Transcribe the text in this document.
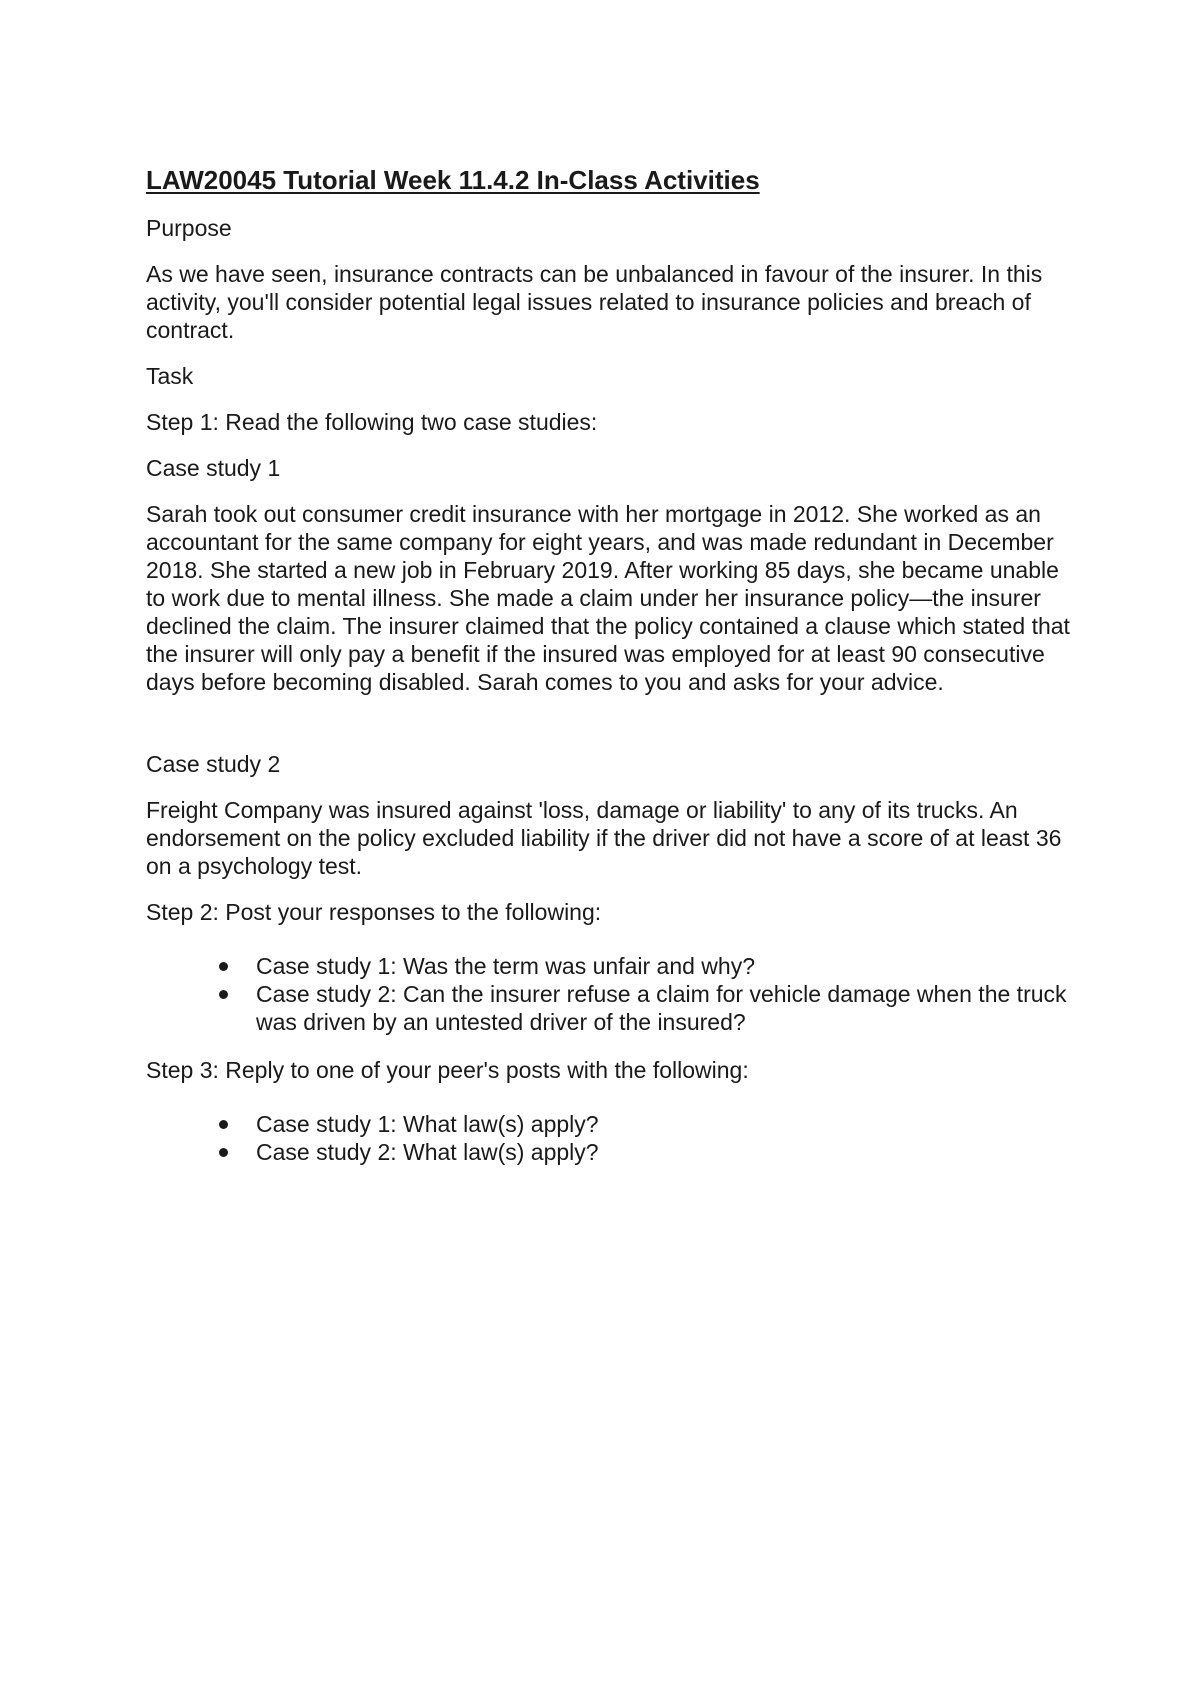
LAW20045 Tutorial Week 11.4.2 In-Class Activities

Purpose

As we have seen, insurance contracts can be unbalanced in favour of the insurer. In this activity, you'll consider potential legal issues related to insurance policies and breach of contract.

Task

Step 1: Read the following two case studies:

Case study 1

Sarah took out consumer credit insurance with her mortgage in 2012. She worked as an accountant for the same company for eight years, and was made redundant in December 2018. She started a new job in February 2019. After working 85 days, she became unable to work due to mental illness. She made a claim under her insurance policy—the insurer declined the claim. The insurer claimed that the policy contained a clause which stated that the insurer will only pay a benefit if the insured was employed for at least 90 consecutive days before becoming disabled. Sarah comes to you and asks for your advice.

Case study 2

Freight Company was insured against 'loss, damage or liability' to any of its trucks. An endorsement on the policy excluded liability if the driver did not have a score of at least 36 on a psychology test.

Step 2: Post your responses to the following:

Case study 1: Was the term was unfair and why?
Case study 2: Can the insurer refuse a claim for vehicle damage when the truck was driven by an untested driver of the insured?

Step 3: Reply to one of your peer's posts with the following:

Case study 1: What law(s) apply?
Case study 2: What law(s) apply?
